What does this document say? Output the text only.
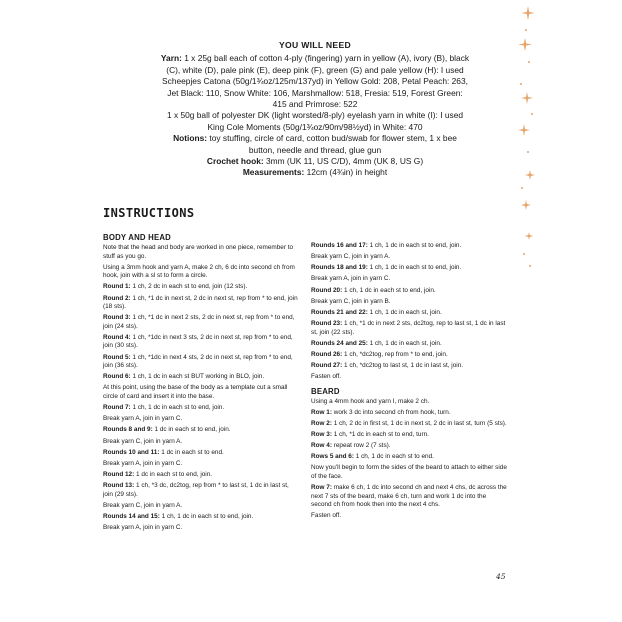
YOU WILL NEED

Yarn: 1 x 25g ball each of cotton 4-ply (fingering) yarn in yellow (A), ivory (B), black (C), white (D), pale pink (E), deep pink (F), green (G) and pale yellow (H): I used Scheepjes Catona (50g/1¾oz/125m/137yd) in Yellow Gold: 208, Petal Peach: 263, Jet Black: 110, Snow White: 106, Marshmallow: 518, Fresia: 519, Forest Green: 415 and Primrose: 522

1 x 50g ball of polyester DK (light worsted/8-ply) eyelash yarn in white (I): I used King Cole Moments (50g/1¾oz/90m/98½yd) in White: 470

Notions: toy stuffing, circle of card, cotton bud/swab for flower stem, 1 x bee button, needle and thread, glue gun

Crochet hook: 3mm (UK 11, US C/D), 4mm (UK 8, US G)

Measurements: 12cm (4¾in) in height

INSTRUCTIONS
BODY AND HEAD

Note that the head and body are worked in one piece, remember to stuff as you go.

Using a 3mm hook and yarn A, make 2 ch, 6 dc into second ch from hook, join with a sl st to form a circle.

Round 1: 1 ch, 2 dc in each st to end, join (12 sts).

Round 2: 1 ch, *1 dc in next st, 2 dc in next st, rep from * to end, join (18 sts).

Round 3: 1 ch, *1 dc in next 2 sts, 2 dc in next st, rep from * to end, join (24 sts).

Round 4: 1 ch, *1dc in next 3 sts, 2 dc in next st, rep from * to end, join (30 sts).

Round 5: 1 ch, *1dc in next 4 sts, 2 dc in next st, rep from * to end, join (36 sts).

Round 6: 1 ch, 1 dc in each st BUT working in BLO, join.

At this point, using the base of the body as a template cut a small circle of card and insert it into the base.

Round 7: 1 ch, 1 dc in each st to end, join.

Break yarn A, join in yarn C.

Rounds 8 and 9: 1 dc in each st to end, join.

Break yarn C, join in yarn A.

Rounds 10 and 11: 1 dc in each st to end.

Break yarn A, join in yarn C.

Round 12: 1 dc in each st to end, join.

Round 13: 1 ch, *3 dc, dc2tog, rep from * to last st, 1 dc in last st, join (29 sts).

Break yarn C, join in yarn A.

Rounds 14 and 15: 1 ch, 1 dc in each st to end, join.

Break yarn A, join in yarn C.

Rounds 16 and 17: 1 ch, 1 dc in each st to end, join.

Break yarn C, join in yarn A.

Rounds 18 and 19: 1 ch, 1 dc in each st to end, join.

Break yarn A, join in yarn C.

Round 20: 1 ch, 1 dc in each st to end, join.

Break yarn C, join in yarn B.

Rounds 21 and 22: 1 ch, 1 dc in each st, join.

Round 23: 1 ch, *1 dc in next 2 sts, dc2tog, rep to last st, 1 dc in last st, join (22 sts).

Rounds 24 and 25: 1 ch, 1 dc in each st, join.

Round 26: 1 ch, *dc2tog, rep from * to end, join.

Round 27: 1 ch, *dc2tog to last st, 1 dc in last st, join.

Fasten off.

BEARD

Using a 4mm hook and yarn I, make 2 ch.

Row 1: work 3 dc into second ch from hook, turn.

Row 2: 1 ch, 2 dc in first st, 1 dc in next st, 2 dc in last st, turn (5 sts).

Row 3: 1 ch, *1 dc in each st to end, turn.

Row 4: repeat row 2 (7 sts).

Rows 5 and 6: 1 ch, 1 dc in each st to end.

Now you'll begin to form the sides of the beard to attach to either side of the face.

Row 7: make 6 ch, 1 dc into second ch and next 4 chs, dc across the next 7 sts of the beard, make 6 ch, turn and work 1 dc into the second ch from hook then into the next 4 chs.

Fasten off.

45
